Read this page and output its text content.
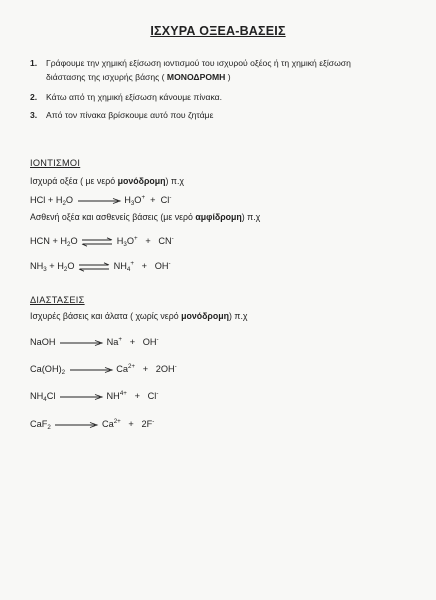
ΙΣΧΥΡΑ ΟΞΕΑ-ΒΑΣΕΙΣ
1. Γράφουμε την χημική εξίσωση ιοντισμού του ισχυρού οξέος ή τη χημική εξίσωση
διάστασης της ισχυρής βάσης ( ΜΟΝΟΔΡΟΜΗ )
2. Κάτω από τη χημική εξίσωση κάνουμε πίνακα.
3. Από τον πίνακα βρίσκουμε αυτό που ζητάμε
ΙΟΝΤΙΣΜΟΙ
Ισχυρά οξέα ( με νερό μονόδρομη) π.χ
HCl + $H_2O$	$H_3O^+ + Cl^-$
Ασθενή οξέα και ασθενείς βάσεις (με νερό αμφίδρομη) π.χ
HCN + $H_2O$ ⇌ $H_3O^+ + CN^-$
$NH_3 + H_2O$ ⇌ $NH_4^+ + OH^-$
ΔΙΑΣΤΑΣΕΙΣ
Ισχυρές βάσεις και άλατα ( χωρίς νερό μονόδρομη) π.χ
NaOH	Na+ + OH-
$Ca(OH)_2$	$Ca^{2+} + 2OH^-$
$NH_4Cl$	$NH^{4+} + Cl^-$
CaF$_2$	$Ca^{2+} + 2F^-$
